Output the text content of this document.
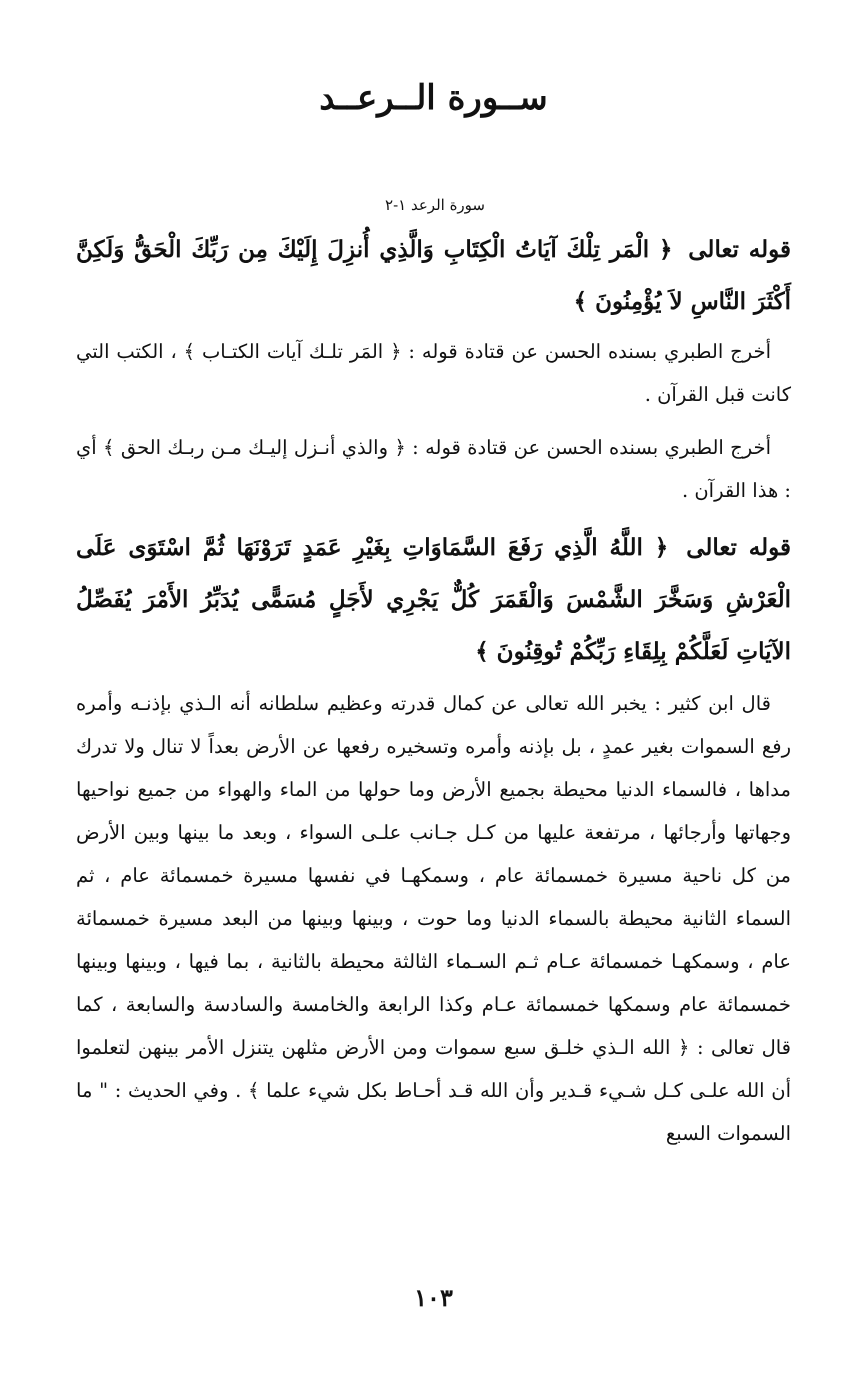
ســورة الــرعــد
سورة الرعد ١-٢

قوله تعالى ﴿ الْمَر تِلْكَ آيَاتُ الْكِتَابِ وَالَّذِي أُنزِلَ إِلَيْكَ مِن رَبِّكَ الْحَقُّ وَلَكِنَّ أَكْثَرَ النَّاسِ لاَ يُؤْمِنُونَ ﴾

أخرج الطبري بسنده الحسن عن قتادة قوله : ﴿ المَر تلـك آيات الكتـاب ﴾ ، الكتب التي كانت قبل القرآن .

أخرج الطبري بسنده الحسن عن قتادة قوله : ﴿ والذي أنـزل إليـك مـن ربـك الحق ﴾ أي : هذا القرآن .

قوله تعالى ﴿ اللَّهُ الَّذِي رَفَعَ السَّمَاوَاتِ بِغَيْرِ عَمَدٍ تَرَوْنَهَا ثُمَّ اسْتَوَى عَلَى الْعَرْشِ وَسَخَّرَ الشَّمْسَ وَالْقَمَرَ كُلٌّ يَجْرِي لأَجَلٍ مُسَمًّى يُدَبِّرُ الأَمْرَ يُفَصِّلُ الآيَاتِ لَعَلَّكُمْ بِلِقَاءِ رَبِّكُمْ تُوقِنُونَ ﴾

قال ابن كثير : يخبر الله تعالى عن كمال قدرته وعظيم سلطانه أنه الـذي بإذنـه وأمره رفع السموات بغير عمدٍ ، بل بإذنه وأمره وتسخيره رفعها عن الأرض بعداً لا تنال ولا تدرك مداها ، فالسماء الدنيا محيطة بجميع الأرض وما حولها من الماء والهواء من جميع نواحيها وجهاتها وأرجائها ، مرتفعة عليها من كـل جـانب علـى السواء ، وبعد ما بينها وبين الأرض من كل ناحية مسيرة خمسمائة عام ، وسمكهـا في نفسها مسيرة خمسمائة عام ، ثم السماء الثانية محيطة بالسماء الدنيا وما حوت ، وبينها وبينها من البعد مسيرة خمسمائة عام ، وسمكهـا خمسمائة عـام ثـم السـماء الثالثة محيطة بالثانية ، بما فيها ، وبينها وبينها خمسمائة عام وسمكها خمسمائة عـام وكذا الرابعة والخامسة والسادسة والسابعة ، كما قال تعالى : ﴿ الله الـذي خلـق سبع سموات ومن الأرض مثلهن يتنزل الأمر بينهن لتعلموا أن الله علـى كـل شـيء قـدير وأن الله قـد أحـاط بكل شيء علما ﴾ . وفي الحديث : " ما السموات السبع

١٠٣
